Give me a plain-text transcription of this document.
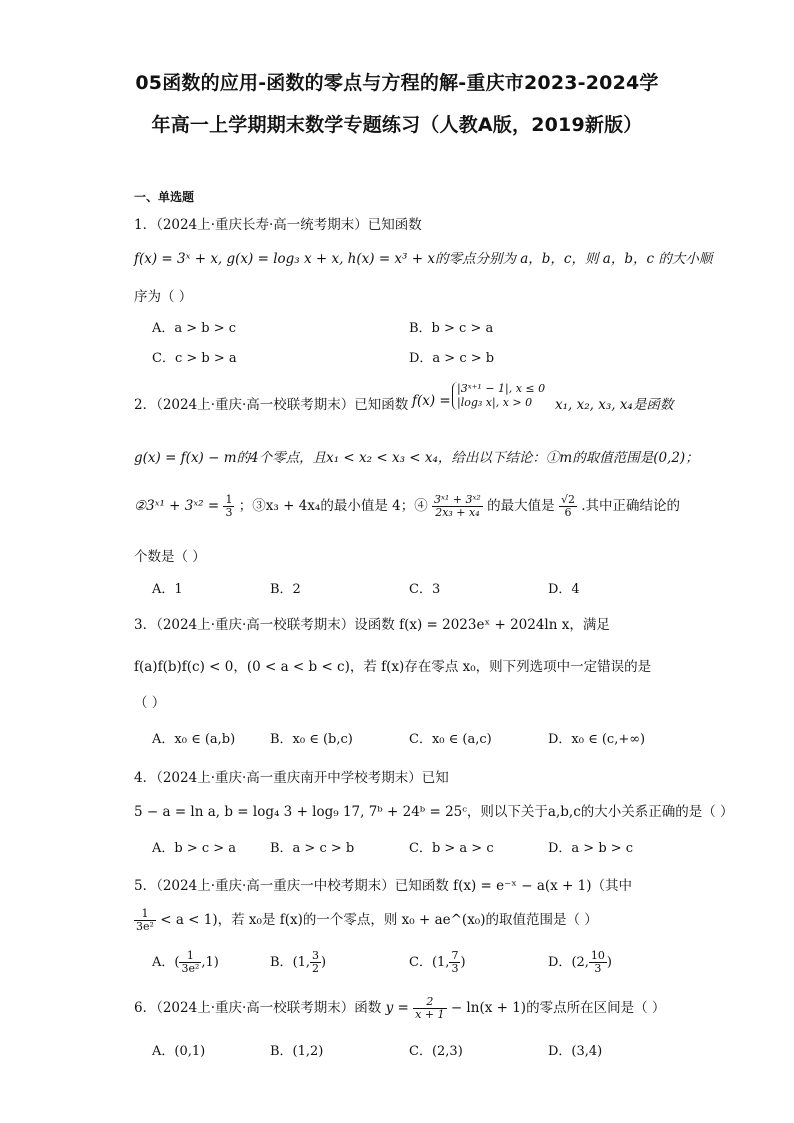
05函数的应用-函数的零点与方程的解-重庆市2023-2024学
年高一上学期期末数学专题练习（人教A版，2019新版）
一、单选题
1．（2024上·重庆长寿·高一统考期末）已知函数
f(x) = 3ˣ + x, g(x) = log₃ x + x, h(x) = x³ + x的零点分别为 a，b，c，则 a，b，c 的大小顺
序为（ ）
A．a > b > c	B．b > c > a
C．c > b > a	D．a > c > b
2．（2024上·重庆·高一校联考期末）已知函数 f(x) =
|3ˣ⁺¹ − 1|, x ≤ 0
|log₃ x|, x > 0	x₁, x₂, x₃, x₄是函数
g(x) = f(x) − m的4个零点，且x₁ < x₂ < x₃ < x₄，给出以下结论：①m的取值范围是(0,2)；
②3ˣ¹ + 3ˣ² = $\frac{1}{3}$ ；③x₃ + 4x₄的最小值是 4；④ $\frac{\text{3ˣ¹ + 3ˣ²}}{\text{2x₃ + x₄}}$ 的最大值是 $\frac{√2}{6}$ .其中正确结论的
个数是（ ）
A．1	B．2	C．3	D．4
3．（2024上·重庆·高一校联考期末）设函数 f(x) = 2023eˣ + 2024ln x，满足
f(a)f(b)f(c) < 0，(0 < a < b < c)，若 f(x)存在零点 x₀，则下列选项中一定错误的是
（ ）
A．x₀ ∈ (a,b)	B．x₀ ∈ (b,c)	C．x₀ ∈ (a,c)	D．x₀ ∈ (c,+∞)
4．（2024上·重庆·高一重庆南开中学校考期末）已知
5 − a = ln a, b = log₄ 3 + log₉ 17, 7ᵇ + 24ᵇ = 25ᶜ，则以下关于a,b,c的大小关系正确的是（ ）
A．b > c > a	B．a > c > b	C．b > a > c	D．a > b > c
5．（2024上·重庆·高一重庆一中校考期末）已知函数 f(x) = e⁻ˣ − a(x + 1)（其中
$\frac{1}{\text{3e²}} < a < 1$)，若 x₀是 f(x)的一个零点，则 x₀ + ae^(x₀)的取值范围是（ ）
A．( $\frac{1}{\text{3e²}} ,1$)	B．(1, $\frac{3}{2}$ )	C．(1, $\frac{7}{3}$ )	D．(2, $\frac{10}{3}$ )
6．（2024上·重庆·高一校联考期末）函数 $y = \frac{2}{x + 1} - \ln(x + 1)$的零点所在区间是（ ）
A．(0,1)	B．(1,2)	C．(2,3)	D．(3,4)
